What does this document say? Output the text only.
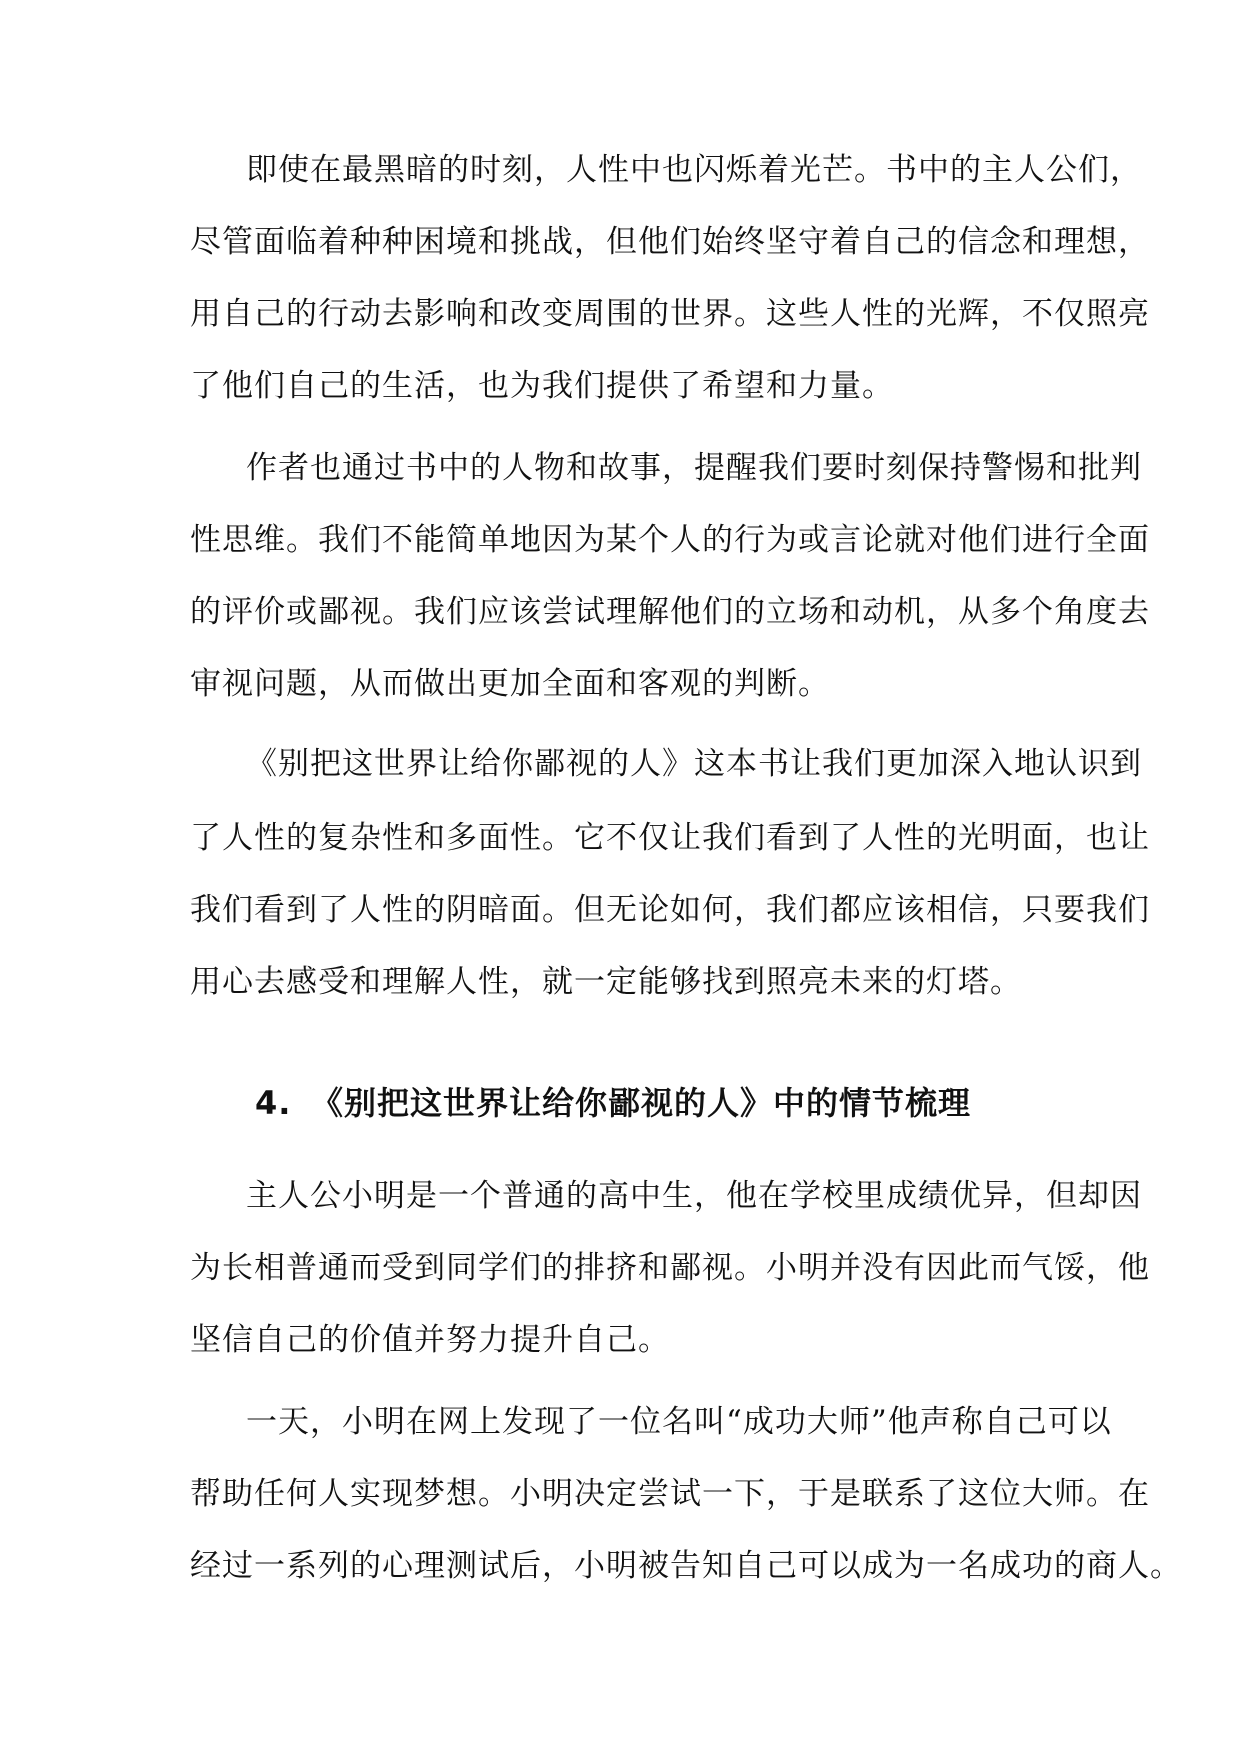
即使在最黑暗的时刻，人性中也闪烁着光芒。书中的主人公们，
尽管面临着种种困境和挑战，但他们始终坚守着自己的信念和理想，
用自己的行动去影响和改变周围的世界。这些人性的光辉，不仅照亮
了他们自己的生活，也为我们提供了希望和力量。
作者也通过书中的人物和故事，提醒我们要时刻保持警惕和批判
性思维。我们不能简单地因为某个人的行为或言论就对他们进行全面
的评价或鄙视。我们应该尝试理解他们的立场和动机，从多个角度去
审视问题，从而做出更加全面和客观的判断。
《别把这世界让给你鄙视的人》这本书让我们更加深入地认识到
了人性的复杂性和多面性。它不仅让我们看到了人性的光明面，也让
我们看到了人性的阴暗面。但无论如何，我们都应该相信，只要我们
用心去感受和理解人性，就一定能够找到照亮未来的灯塔。
4. 《别把这世界让给你鄙视的人》中的情节梳理
主人公小明是一个普通的高中生，他在学校里成绩优异，但却因
为长相普通而受到同学们的排挤和鄙视。小明并没有因此而气馁，他
坚信自己的价值并努力提升自己。
一天，小明在网上发现了一位名叫“成功大师”他声称自己可以
帮助任何人实现梦想。小明决定尝试一下，于是联系了这位大师。在
经过一系列的心理测试后，小明被告知自己可以成为一名成功的商人。
